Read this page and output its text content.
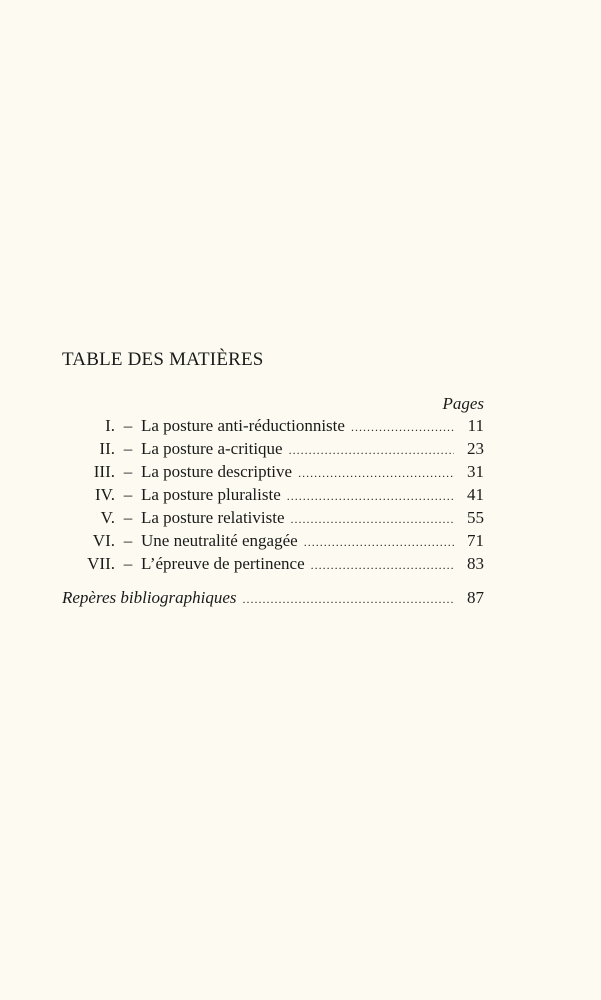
TABLE DES MATIÈRES
Pages
I. – La posture anti-réductionniste .....	11
II. – La posture a-critique .....	23
III. – La posture descriptive .....	31
IV. – La posture pluraliste .....	41
V. – La posture relativiste .....	55
VI. – Une neutralité engagée .....	71
VII. – L’épreuve de pertinence .....	83
Repères bibliographiques .....	87
